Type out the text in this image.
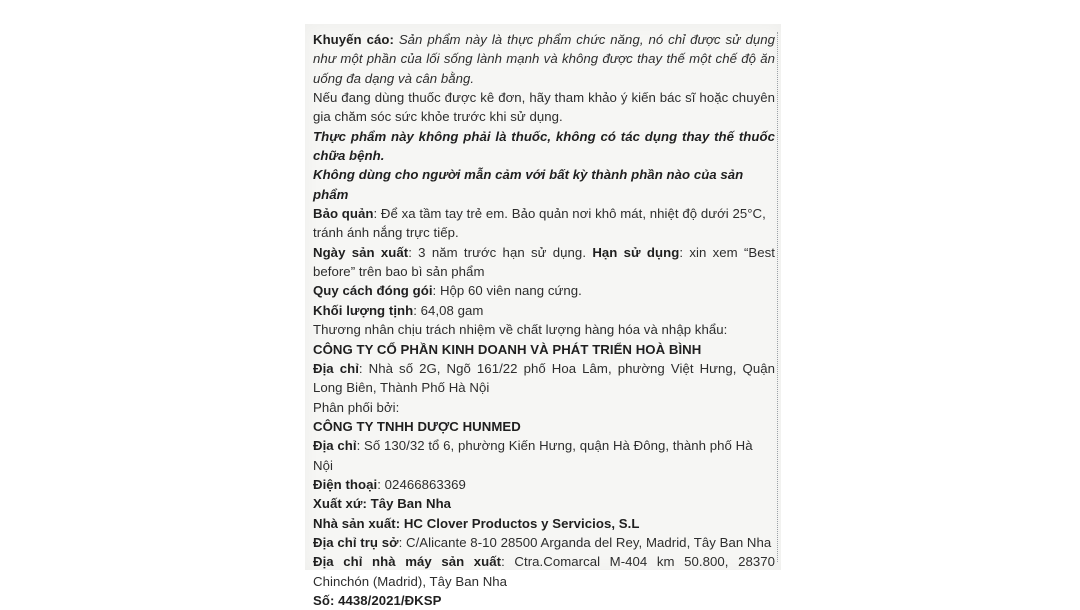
Khuyến cáo: Sản phẩm này là thực phẩm chức năng, nó chỉ được sử dụng như một phần của lối sống lành mạnh và không được thay thế một chế độ ăn uống đa dạng và cân bằng.

Nếu đang dùng thuốc được kê đơn, hãy tham khảo ý kiến bác sĩ hoặc chuyên gia chăm sóc sức khỏe trước khi sử dụng.

Thực phẩm này không phải là thuốc, không có tác dụng thay thế thuốc chữa bệnh.

Không dùng cho người mẫn cảm với bất kỳ thành phần nào của sản phẩm

Bảo quản: Để xa tầm tay trẻ em. Bảo quản nơi khô mát, nhiệt độ dưới 25°C, tránh ánh nắng trực tiếp.

Ngày sản xuất: 3 năm trước hạn sử dụng. Hạn sử dụng: xin xem “Best before” trên bao bì sản phẩm

Quy cách đóng gói: Hộp 60 viên nang cứng.

Khối lượng tịnh: 64,08 gam

Thương nhân chịu trách nhiệm về chất lượng hàng hóa và nhập khẩu:

CÔNG TY CỔ PHẦN KINH DOANH VÀ PHÁT TRIỂN HOÀ BÌNH

Địa chỉ: Nhà số 2G, Ngõ 161/22 phố Hoa Lâm, phường Việt Hưng, Quận Long Biên, Thành Phố Hà Nội

Phân phối bởi:

CÔNG TY TNHH DƯỢC HUNMED

Địa chỉ: Số 130/32 tổ 6, phường Kiến Hưng, quận Hà Đông, thành phố Hà Nội

Điện thoại: 02466863369

Xuất xứ: Tây Ban Nha

Nhà sản xuất: HC Clover Productos y Servicios, S.L

Địa chỉ trụ sở: C/Alicante 8-10 28500 Arganda del Rey, Madrid, Tây Ban Nha

Địa chỉ nhà máy sản xuất: Ctra.Comarcal M-404 km 50.800, 28370 Chinchón (Madrid), Tây Ban Nha

Số: 4438/2021/ĐKSP
